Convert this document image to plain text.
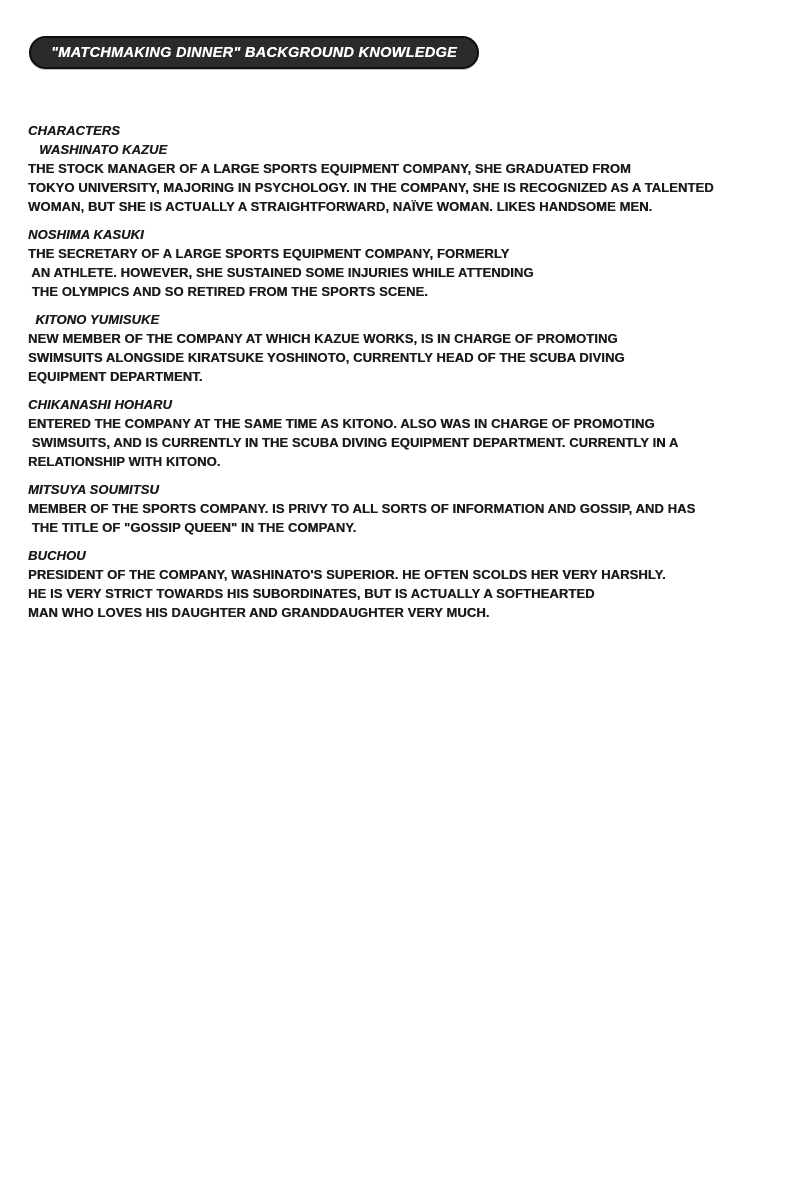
"MATCHMAKING DINNER" BACKGROUND KNOWLEDGE
CHARACTERS
WASHINATO KAZUE
THE STOCK MANAGER OF A LARGE SPORTS EQUIPMENT COMPANY, SHE GRADUATED FROM
TOKYO UNIVERSITY, MAJORING IN PSYCHOLOGY. IN THE COMPANY, SHE IS RECOGNIZED AS A TALENTED
WOMAN, BUT SHE IS ACTUALLY A STRAIGHTFORWARD, NAÏVE WOMAN. LIKES HANDSOME MEN.
NOSHIMA KASUKI
THE SECRETARY OF A LARGE SPORTS EQUIPMENT COMPANY, FORMERLY
AN ATHLETE. HOWEVER, SHE SUSTAINED SOME INJURIES WHILE ATTENDING
THE OLYMPICS AND SO RETIRED FROM THE SPORTS SCENE.
KITONO YUMISUKE
NEW MEMBER OF THE COMPANY AT WHICH KAZUE WORKS, IS IN CHARGE OF PROMOTING
SWIMSUITS ALONGSIDE KIRATSUKE YOSHINOTO, CURRENTLY HEAD OF THE SCUBA DIVING
EQUIPMENT DEPARTMENT.
CHIKANASHI HOHARU
ENTERED THE COMPANY AT THE SAME TIME AS KITONO. ALSO WAS IN CHARGE OF PROMOTING
SWIMSUITS, AND IS CURRENTLY IN THE SCUBA DIVING EQUIPMENT DEPARTMENT. CURRENTLY IN A
RELATIONSHIP WITH KITONO.
MITSUYA SOUMITSU
MEMBER OF THE SPORTS COMPANY. IS PRIVY TO ALL SORTS OF INFORMATION AND GOSSIP, AND HAS
THE TITLE OF "GOSSIP QUEEN" IN THE COMPANY.
BUCHOU
PRESIDENT OF THE COMPANY, WASHINATO'S SUPERIOR. HE OFTEN SCOLDS HER VERY HARSHLY.
HE IS VERY STRICT TOWARDS HIS SUBORDINATES, BUT IS ACTUALLY A SOFTHEARTED
MAN WHO LOVES HIS DAUGHTER AND GRANDDAUGHTER VERY MUCH.
